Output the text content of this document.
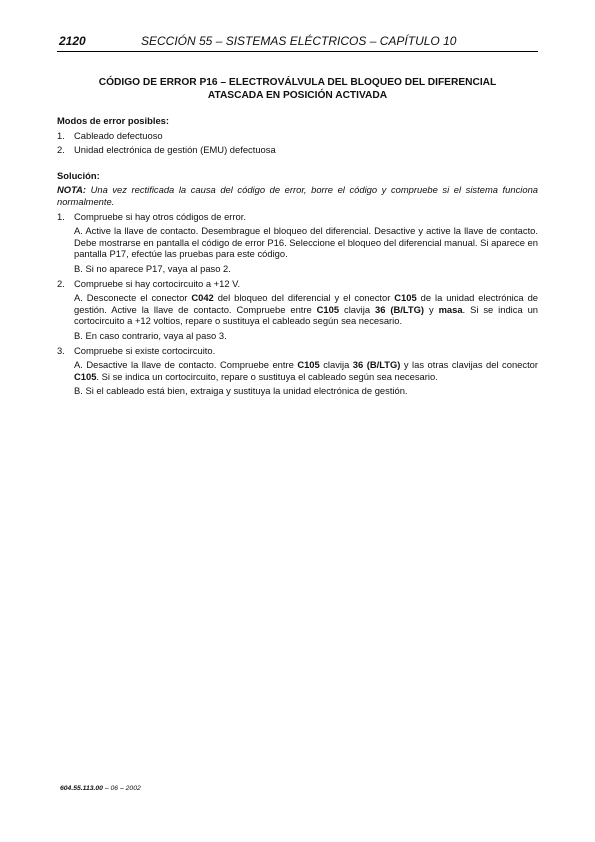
2120	SECCIÓN 55 – SISTEMAS ELÉCTRICOS – CAPÍTULO 10
CÓDIGO DE ERROR P16 – ELECTROVÁLVULA DEL BLOQUEO DEL DIFERENCIAL
ATASCADA EN POSICIÓN ACTIVADA
Modos de error posibles:
1. Cableado defectuoso
2. Unidad electrónica de gestión (EMU) defectuosa
Solución:
NOTA: Una vez rectificada la causa del código de error, borre el código y compruebe si el sistema funciona normalmente.
1. Compruebe si hay otros códigos de error.
A. Active la llave de contacto. Desembrague el bloqueo del diferencial. Desactive y active la llave de contacto. Debe mostrarse en pantalla el código de error P16. Seleccione el bloqueo del diferencial manual. Si aparece en pantalla P17, efectúe las pruebas para este código.
B. Si no aparece P17, vaya al paso 2.
2. Compruebe si hay cortocircuito a +12 V.
A. Desconecte el conector C042 del bloqueo del diferencial y el conector C105 de la unidad electrónica de gestión. Active la llave de contacto. Compruebe entre C105 clavija 36 (B/LTG) y masa. Si se indica un cortocircuito a +12 voltios, repare o sustituya el cableado según sea necesario.
B. En caso contrario, vaya al paso 3.
3. Compruebe si existe cortocircuito.
A. Desactive la llave de contacto. Compruebe entre C105 clavija 36 (B/LTG) y las otras clavijas del conector C105. Si se indica un cortocircuito, repare o sustituya el cableado según sea necesario.
B. Si el cableado está bien, extraiga y sustituya la unidad electrónica de gestión.
604.55.113.00 – 06 – 2002
